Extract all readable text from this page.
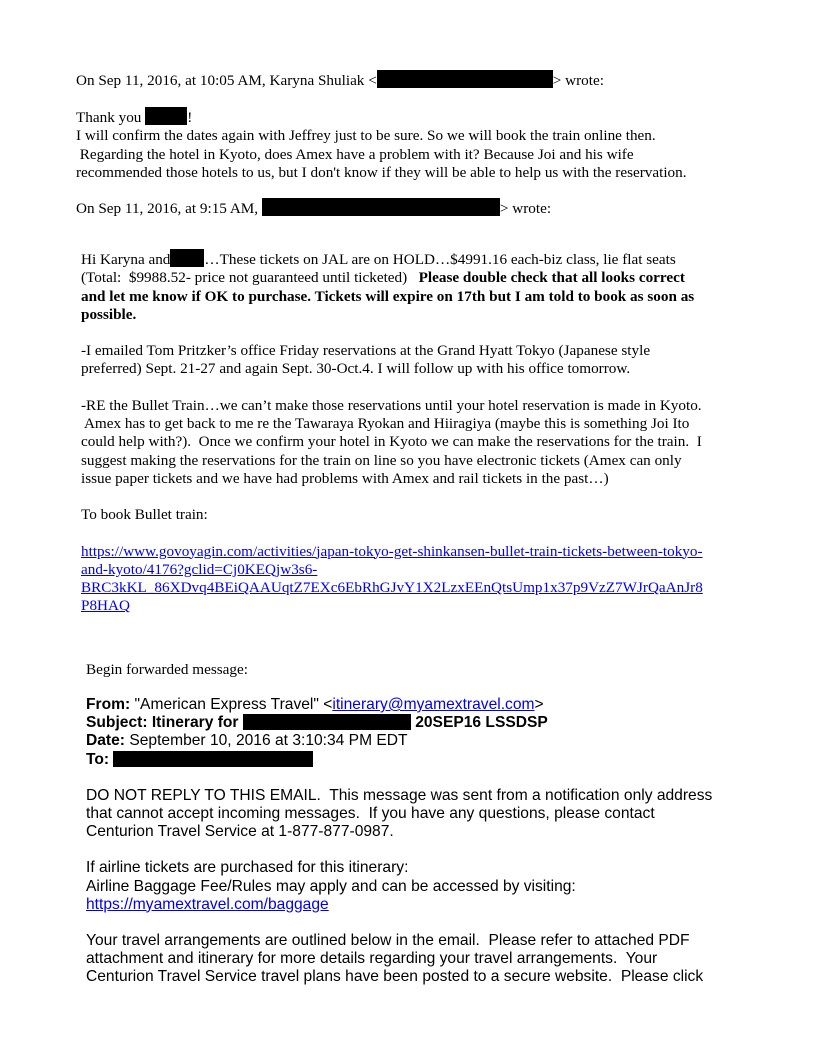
On Sep 11, 2016, at 10:05 AM, Karyna Shuliak <	> wrote:

Thank you	!

I will confirm the dates again with Jeffrey just to be sure. So we will book the train online then.

Regarding the hotel in Kyoto, does Amex have a problem with it? Because Joi and his wife

recommended those hotels to us, but I don't know if they will be able to help us with the reservation.

On Sep 11, 2016, at 9:15 AM,	> wrote:

Hi Karyna and …These tickets on JAL are on HOLD…$4991.16 each-biz class, lie flat seats

(Total:  $9988.52- price not guaranteed until ticketed)   Please double check that all looks correct

and let me know if OK to purchase. Tickets will expire on 17th but I am told to book as soon as

possible.

-I emailed Tom Pritzker’s office Friday reservations at the Grand Hyatt Tokyo (Japanese style

preferred) Sept. 21-27 and again Sept. 30-Oct.4. I will follow up with his office tomorrow.

-RE the Bullet Train…we can’t make those reservations until your hotel reservation is made in Kyoto.

Amex has to get back to me re the Tawaraya Ryokan and Hiiragiya (maybe this is something Joi Ito

could help with?).  Once we confirm your hotel in Kyoto we can make the reservations for the train.  I

suggest making the reservations for the train on line so you have electronic tickets (Amex can only

issue paper tickets and we have had problems with Amex and rail tickets in the past…)

To book Bullet train:

https://www.govoyagin.com/activities/japan-tokyo-get-shinkansen-bullet-train-tickets-between-tokyo-

and-kyoto/4176?gclid=Cj0KEQjw3s6-

BRC3kKL_86XDvq4BEiQAAUqtZ7EXc6EbRhGJvY1X2LzxEEnQtsUmp1x37p9VzZ7WJrQaAnJr8

P8HAQ

Begin forwarded message:

From: "American Express Travel" <itinerary@myamextravel.com>

Subject: Itinerary for	20SEP16 LSSDSP

Date: September 10, 2016 at 3:10:34 PM EDT

To:

DO NOT REPLY TO THIS EMAIL.  This message was sent from a notification only address

that cannot accept incoming messages.  If you have any questions, please contact

Centurion Travel Service at 1-877-877-0987.

If airline tickets are purchased for this itinerary:

Airline Baggage Fee/Rules may apply and can be accessed by visiting:

https://myamextravel.com/baggage

Your travel arrangements are outlined below in the email.  Please refer to attached PDF

attachment and itinerary for more details regarding your travel arrangements.  Your

Centurion Travel Service travel plans have been posted to a secure website.  Please click
